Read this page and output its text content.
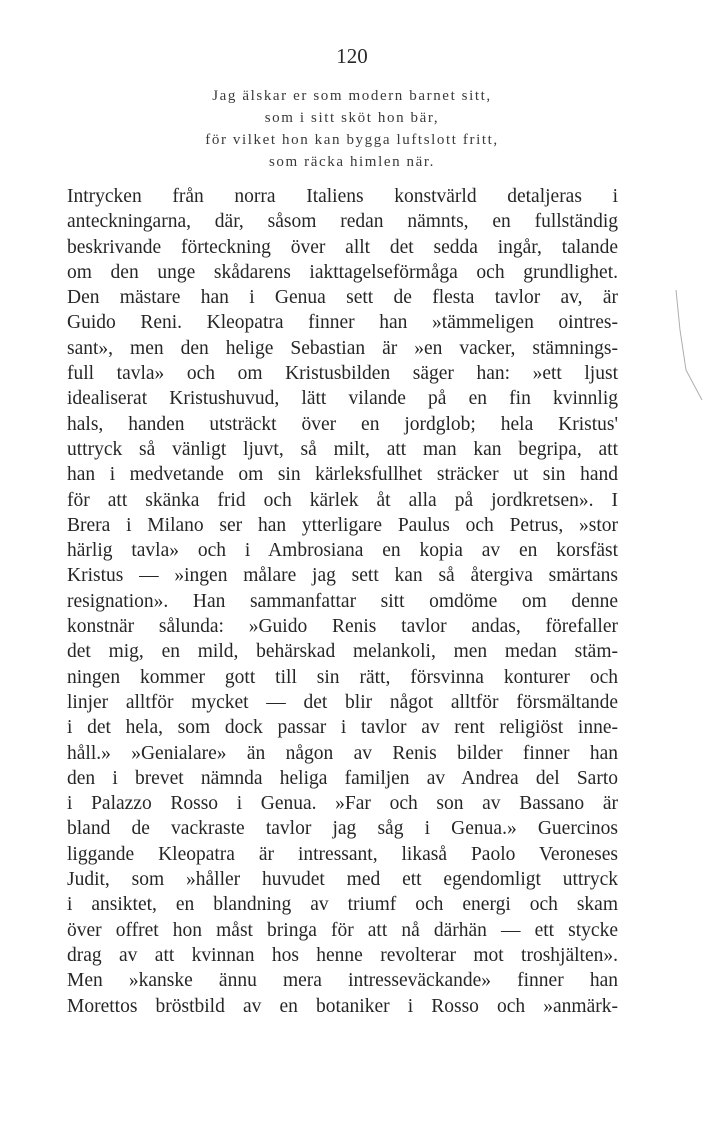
120
Jag älskar er som modern barnet sitt,
som i sitt sköt hon bär,
för vilket hon kan bygga luftslott fritt,
som räcka himlen när.
Intrycken från norra Italiens konstvärld detaljeras i
anteckningarna, där, såsom redan nämnts, en fullständig
beskrivande förteckning över allt det sedda ingår, talande
om den unge skådarens iakttagelseförmåga och grundlighet.
Den mästare han i Genua sett de flesta tavlor av, är
Guido Reni. Kleopatra finner han »tämmeligen ointres-
sant», men den helige Sebastian är »en vacker, stämnings-
full tavla» och om Kristusbilden säger han: »ett ljust
idealiserat Kristushuvud, lätt vilande på en fin kvinnlig
hals, handen utsträckt över en jordglob; hela Kristus'
uttryck så vänligt ljuvt, så milt, att man kan begripa, att
han i medvetande om sin kärleksfullhet sträcker ut sin hand
för att skänka frid och kärlek åt alla på jordkretsen». I
Brera i Milano ser han ytterligare Paulus och Petrus, »stor
härlig tavla» och i Ambrosiana en kopia av en korsfäst
Kristus — »ingen målare jag sett kan så återgiva smärtans
resignation». Han sammanfattar sitt omdöme om denne
konstnär sålunda: »Guido Renis tavlor andas, förefaller
det mig, en mild, behärskad melankoli, men medan stäm-
ningen kommer gott till sin rätt, försvinna konturer och
linjer alltför mycket — det blir något alltför försmältande
i det hela, som dock passar i tavlor av rent religiöst inne-
håll.» »Genialare» än någon av Renis bilder finner han
den i brevet nämnda heliga familjen av Andrea del Sarto
i Palazzo Rosso i Genua. »Far och son av Bassano är
bland de vackraste tavlor jag såg i Genua.» Guercinos
liggande Kleopatra är intressant, likaså Paolo Veroneses
Judit, som »håller huvudet med ett egendomligt uttryck
i ansiktet, en blandning av triumf och energi och skam
över offret hon måst bringa för att nå därhän — ett stycke
drag av att kvinnan hos henne revolterar mot troshjälten».
Men »kanske ännu mera intresseväckande» finner han
Morettos bröstbild av en botaniker i Rosso och »anmärk-
